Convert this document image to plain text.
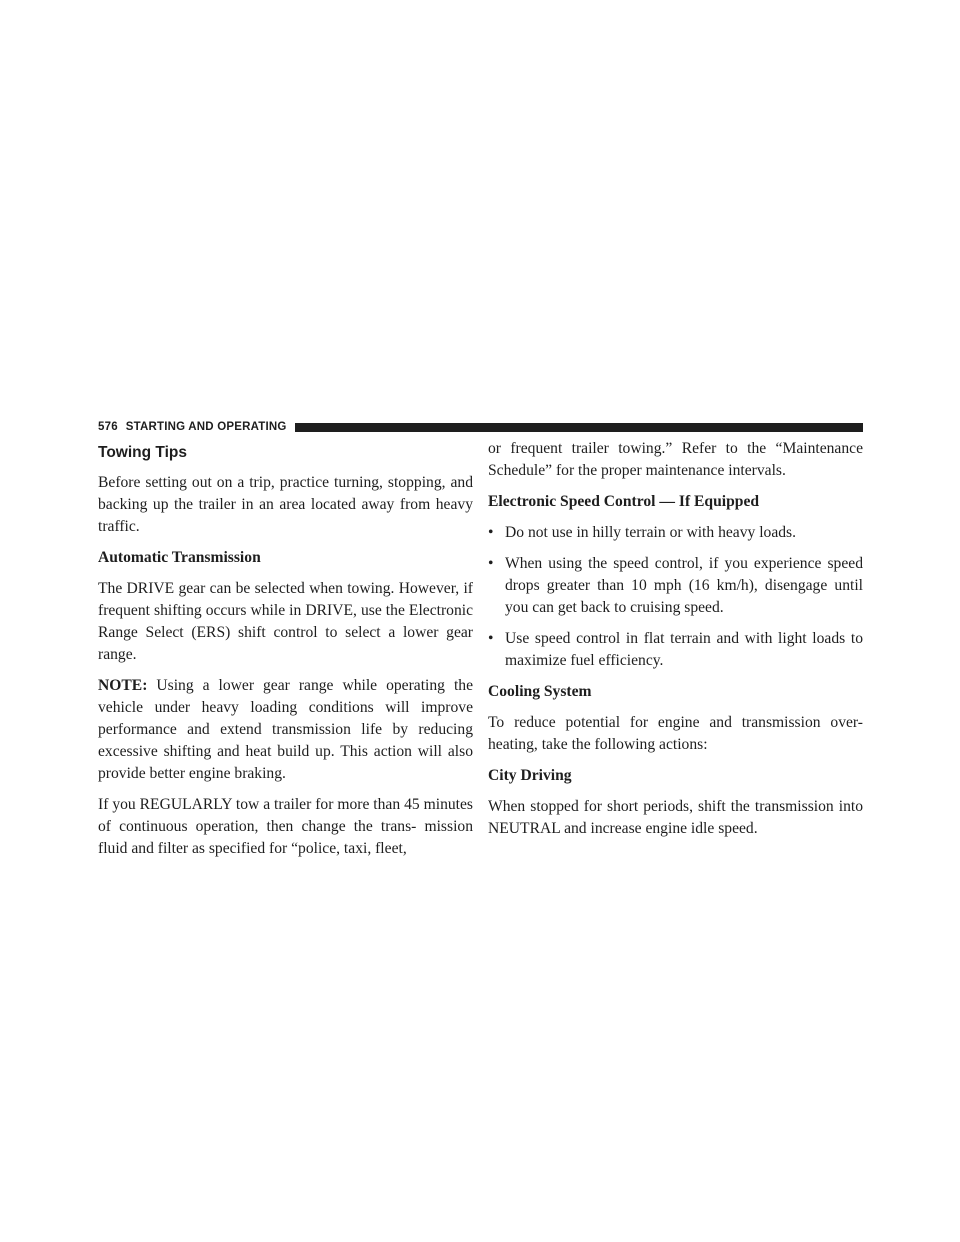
576 STARTING AND OPERATING
Towing Tips

Before setting out on a trip, practice turning, stopping, and backing up the trailer in an area located away from heavy traffic.

Automatic Transmission

The DRIVE gear can be selected when towing. However, if frequent shifting occurs while in DRIVE, use the Electronic Range Select (ERS) shift control to select a lower gear range.

NOTE: Using a lower gear range while operating the vehicle under heavy loading conditions will improve performance and extend transmission life by reducing excessive shifting and heat build up. This action will also provide better engine braking.

If you REGULARLY tow a trailer for more than 45 minutes of continuous operation, then change the trans- mission fluid and filter as specified for “police, taxi, fleet,

or frequent trailer towing.” Refer to the “Maintenance Schedule” for the proper maintenance intervals.

Electronic Speed Control — If Equipped
• Do not use in hilly terrain or with heavy loads.
• When using the speed control, if you experience speed drops greater than 10 mph (16 km/h), disengage until you can get back to cruising speed.
• Use speed control in flat terrain and with light loads to maximize fuel efficiency.
Cooling System

To reduce potential for engine and transmission over- heating, take the following actions:

City Driving

When stopped for short periods, shift the transmission into NEUTRAL and increase engine idle speed.
